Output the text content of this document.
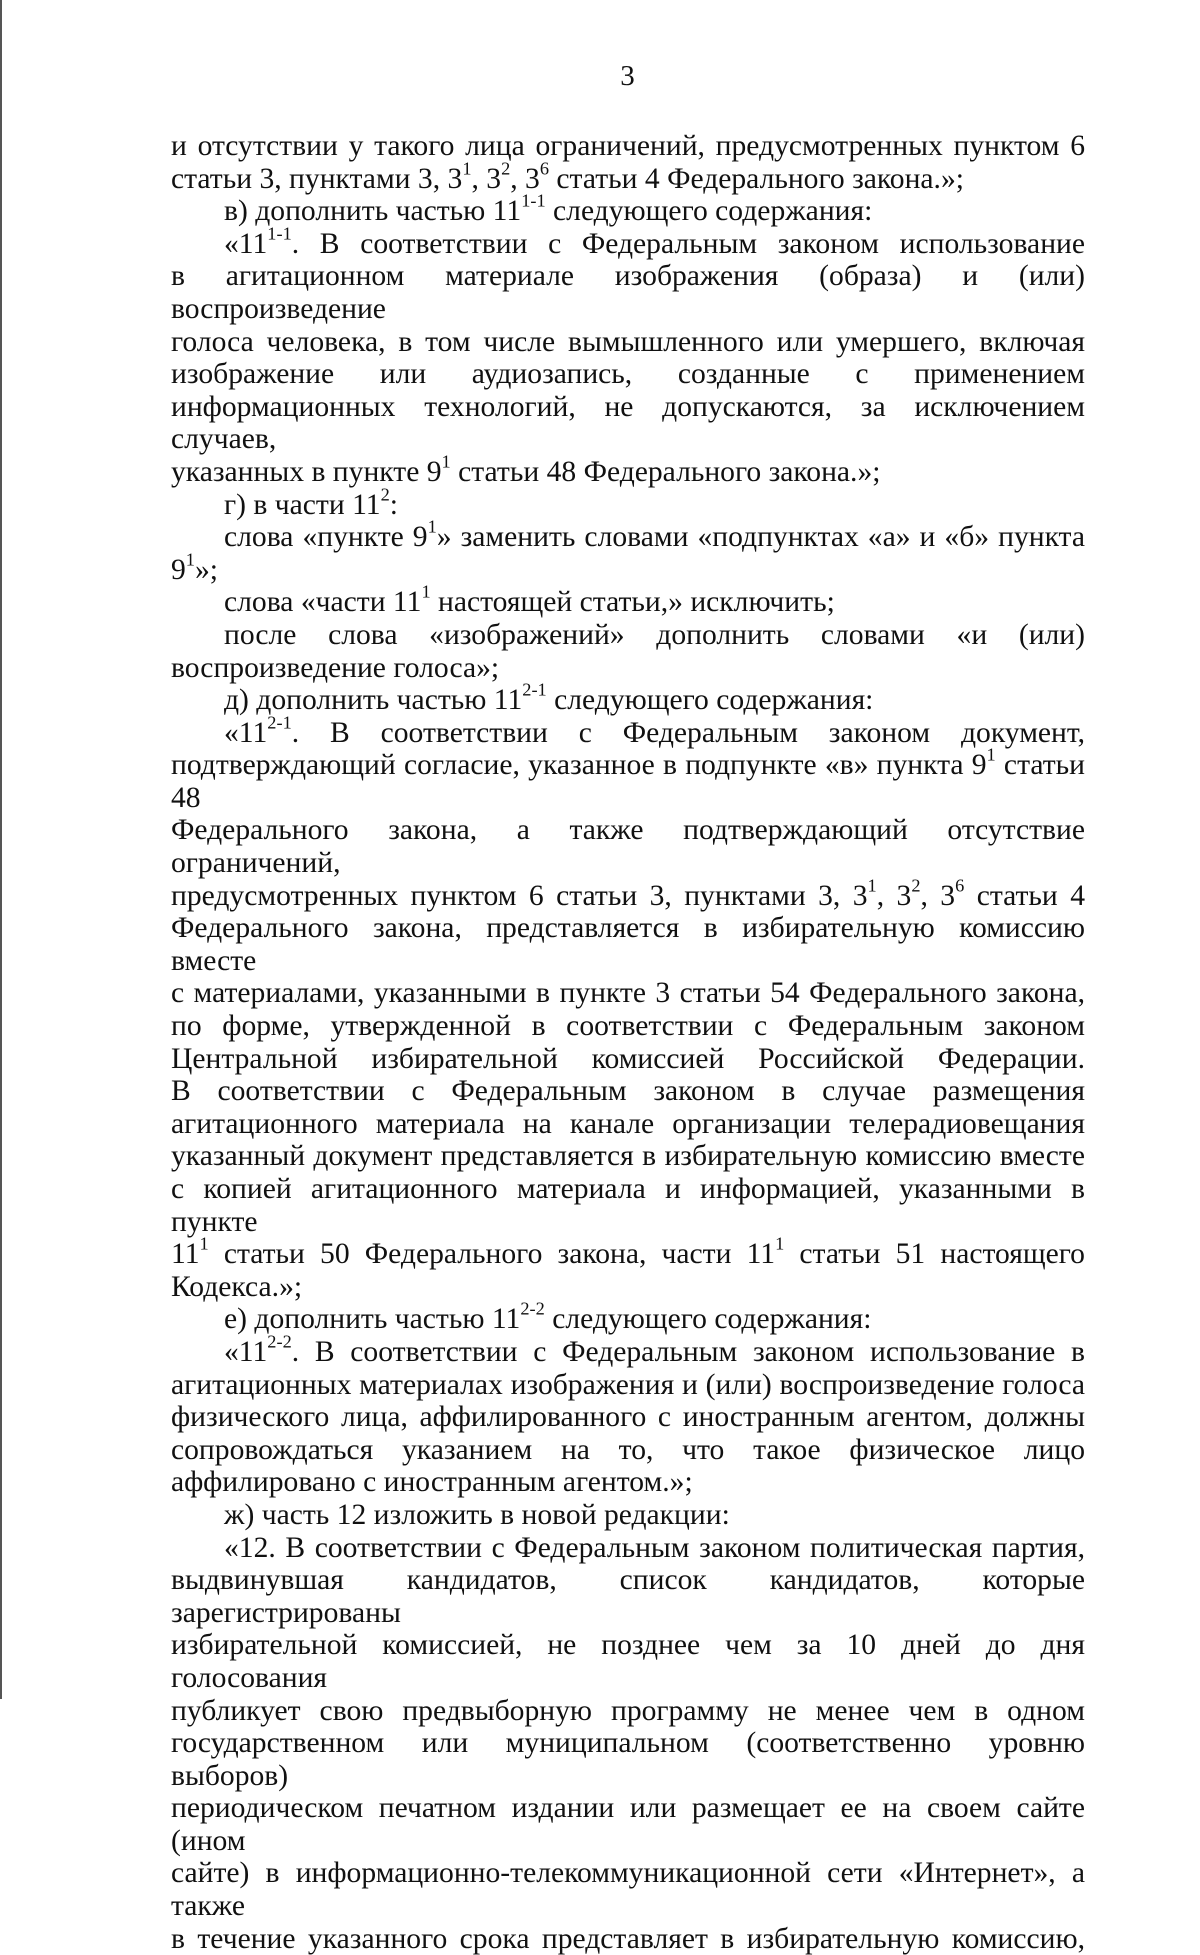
3

и отсутствии у такого лица ограничений, предусмотренных пунктом 6

статьи 3, пунктами 3, $3^1$, $3^2$, $3^6$ статьи 4 Федерального закона.»;

в) дополнить частью 11$^{1-1}$ следующего содержания:

«11$^{1-1}$. В соответствии с Федеральным законом использование

в агитационном материале изображения (образа) и (или) воспроизведение

голоса человека, в том числе вымышленного или умершего, включая

изображение или аудиозапись, созданные с применением

информационных технологий, не допускаются, за исключением случаев,

указанных в пункте $9^1$ статьи 48 Федерального закона.»;

г) в части $11^2$:

слова «пункте $9^1$» заменить словами «подпунктах «а» и «б» пункта

$9^1$»;

слова «части $11^1$ настоящей статьи,» исключить;

после слова «изображений» дополнить словами «и (или)

воспроизведение голоса»;

д) дополнить частью 11$^{2-1}$ следующего содержания:

«11$^{2-1}$. В соответствии с Федеральным законом документ,

подтверждающий согласие, указанное в подпункте «в» пункта $9^1$ статьи 48

Федерального закона, а также подтверждающий отсутствие ограничений,

предусмотренных пунктом 6 статьи 3, пунктами 3, $3^1$, $3^2$, $3^6$ статьи 4

Федерального закона, представляется в избирательную комиссию вместе

с материалами, указанными в пункте 3 статьи 54 Федерального закона,

по форме, утвержденной в соответствии с Федеральным законом

Центральной избирательной комиссией Российской Федерации.

В соответствии с Федеральным законом в случае размещения

агитационного материала на канале организации телерадиовещания

указанный документ представляется в избирательную комиссию вместе

с копией агитационного материала и информацией, указанными в пункте

$11^1$ статьи 50 Федерального закона, части $11^1$ статьи 51 настоящего

Кодекса.»;

е) дополнить частью 11$^{2-2}$ следующего содержания:

«11$^{2-2}$. В соответствии с Федеральным законом использование в

агитационных материалах изображения и (или) воспроизведение голоса

физического лица, аффилированного с иностранным агентом, должны

сопровождаться указанием на то, что такое физическое лицо

аффилировано с иностранным агентом.»;

ж) часть 12 изложить в новой редакции:

«12. В соответствии с Федеральным законом политическая партия,

выдвинувшая кандидатов, список кандидатов, которые зарегистрированы

избирательной комиссией, не позднее чем за 10 дней до дня голосования

публикует свою предвыборную программу не менее чем в одном

государственном или муниципальном (соответственно уровню выборов)

периодическом печатном издании или размещает ее на своем сайте (ином

сайте) в информационно-телекоммуникационной сети «Интернет», а также

в течение указанного срока представляет в избирательную комиссию,
